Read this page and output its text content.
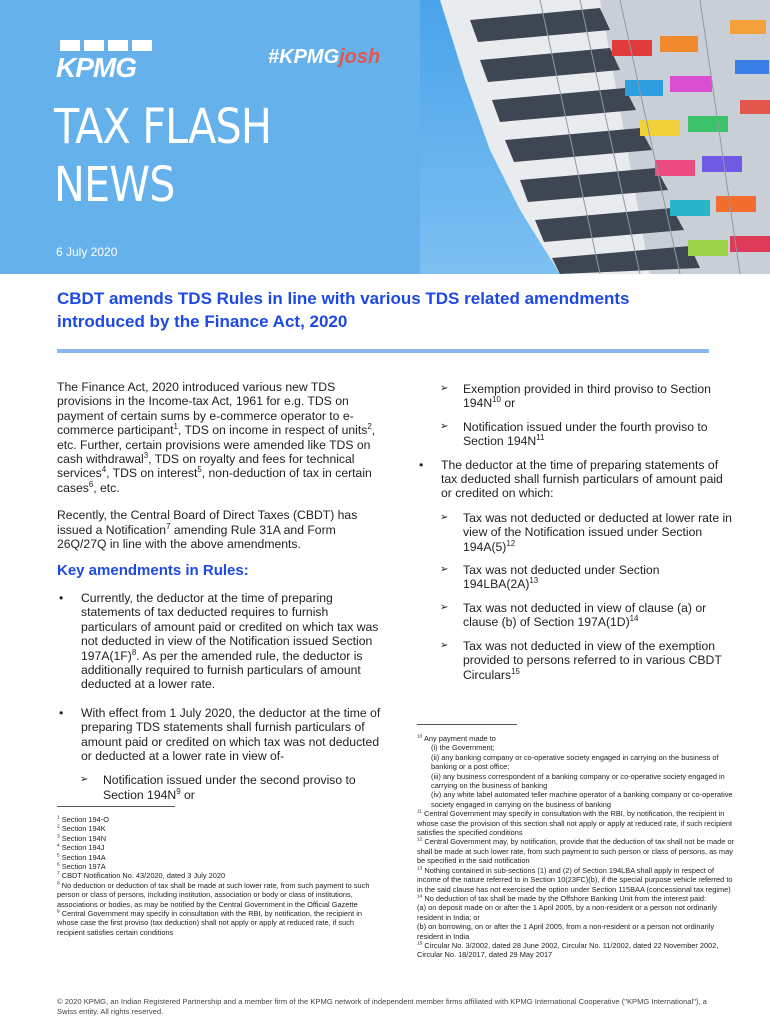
KPMG	#KPMGjosh
TAX FLASH
NEWS
6 July 2020
CBDT amends TDS Rules in line with various TDS related amendments introduced by the Finance Act, 2020

The Finance Act, 2020 introduced various new TDS provisions in the Income-tax Act, 1961 for e.g. TDS on payment of certain sums by e-commerce operator to e-commerce participant$^1$, TDS on income in respect of units$^2$, etc. Further, certain provisions were amended like TDS on cash withdrawal$^3$, TDS on royalty and fees for technical services$^4$, TDS on interest$^5$, non-deduction of tax in certain cases$^6$, etc.

Recently, the Central Board of Direct Taxes (CBDT) has issued a Notification$^7$ amending Rule 31A and Form 26Q/27Q in line with the above amendments.

Key amendments in Rules:
• Currently, the deductor at the time of preparing statements of tax deducted requires to furnish particulars of amount paid or credited on which tax was not deducted in view of the Notification issued Section $197A(1F)^8$. As per the amended rule, the deductor is additionally required to furnish particulars of amount deducted at a lower rate.
• With effect from 1 July 2020, the deductor at the time of preparing TDS statements shall furnish particulars of amount paid or credited on which tax was not deducted or deducted at a lower rate in view of-
➢ Notification issued under the second proviso to Section $194N^9$ or
➢ Exemption provided in third proviso to Section $194N^{10}$ or
➢ Notification issued under the fourth proviso to Section $194N^{11}$
• The deductor at the time of preparing statements of tax deducted shall furnish particulars of amount paid or credited on which:
➢ Tax was not deducted or deducted at lower rate in view of the Notification issued under Section $194A(5)^{12}$
➢ Tax was not deducted under Section $194LBA(2A)^{13}$
➢ Tax was not deducted in view of clause (a) or clause (b) of Section $197A(1D)^{14}$
➢ Tax was not deducted in view of the exemption provided to persons referred to in various CBDT Circulars$^{15}$
$^1$ Section 194-O
$^2$ Section 194K
$^3$ Section 194N
$^4$ Section 194J
$^5$ Section 194A
$^6$ Section 197A
$^7$ CBDT Notification No. 43/2020, dated 3 July 2020
$^8$ No deduction or deduction of tax shall be made at such lower rate, from such payment to such person or class of persons, including institution, association or body or class of institutions, associations or bodies, as may be notified by the Central Government in the Official Gazette
$^9$ Central Government may specify in consultation with the RBI, by notification, the recipient in whose case the first proviso (tax deduction) shall not apply or apply at reduced rate, if such recipient satisfies certain conditions
$^{10}$ Any payment made to
(i) the Government;
(ii) any banking company or co-operative society engaged in carrying on the business of banking or a post office;
(iii) any business correspondent of a banking company or co-operative society engaged in carrying on the business of banking
(iv) any white label automated teller machine operator of a banking company or co-operative society engaged in carrying on the business of banking
$^{11}$ Central Government may specify in consultation with the RBI, by notification, the recipient in whose case the provision of this section shall not apply or apply at reduced rate, if such recipient satisfies the specified conditions
$^{12}$ Central Government may, by notification, provide that the deduction of tax shall not be made or shall be made at such lower rate, from such payment to such person or class of persons, as may be specified in the said notification
$^{13}$ Nothing contained in sub-sections (1) and (2) of Section 194LBA shall apply in respect of income of the nature referred to in Section 10(23FC)(b), if the special purpose vehicle referred to in the said clause has not exercised the option under Section 115BAA (concessional tax regime)
$^{14}$ No deduction of tax shall be made by the Offshore Banking Unit from the interest paid:
(a) on deposit made on or after the 1 April 2005, by a non-resident or a person not ordinarily resident in India; or
(b) on borrowing, on or after the 1 April 2005, from a non-resident or a person not ordinarily resident in India
$^{15}$ Circular No. 3/2002, dated 28 June 2002, Circular No. 11/2002, dated 22 November 2002, Circular No. 18/2017, dated 29 May 2017
© 2020 KPMG, an Indian Registered Partnership and a member firm of the KPMG network of independent member firms affiliated with KPMG International Cooperative ("KPMG International"), a Swiss entity. All rights reserved.
